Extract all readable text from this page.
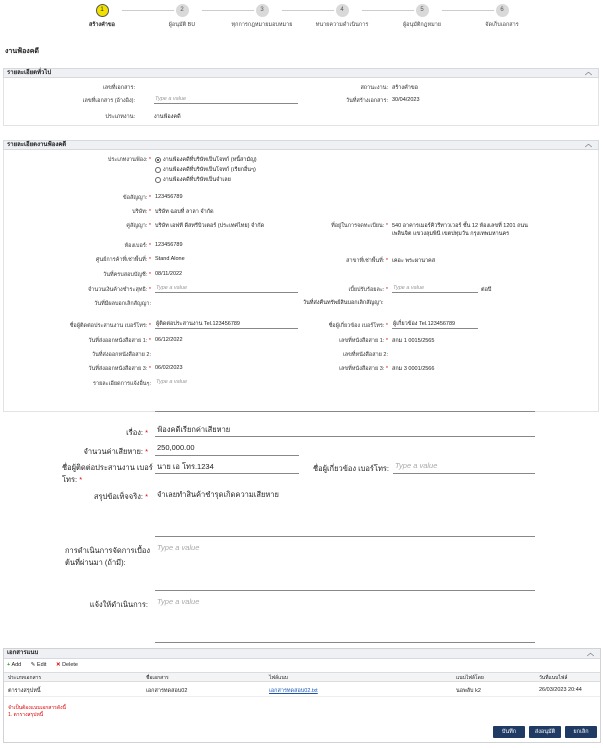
1
สร้างคำขอ
2
ผู้อนุมัติ BU
3
ทุกการกฎหมายมอบหมาย
4
ทนายความดำเนินการ
5
ผู้อนุมัติกฎหมาย
6
จัดเก็บเอกสาร
งานฟ้องคดี
รายละเอียดทั่วไป	︿
เลขที่เอกสาร:	สถานะงาน: สร้างคำขอ
เลขที่เอกสาร (อ้างอิง):	Type a value	วันที่สร้างเอกสาร: 30/04/2023
ประเภทงาน:	งานฟ้องคดี
รายละเอียดงานฟ้องคดี	︿
ประเภทงานฟ้อง: *	งานฟ้องคดีที่บริษัทเป็นโจทก์ (หนี้สามัญ)
งานฟ้องคดีที่บริษัทเป็นโจทก์ (เรียกอื่นๆ)
งานฟ้องคดีที่บริษัทเป็นจำเลย
ข้อสัญญา: * 123456789
บริษัท: * บริษัท ฉอบที่ ลาลา จำกัด
คู่สัญญา: * บริษัท เอฟที ดีสทรีบิวเตอร์ (ประเทศไทย) จำกัด	ที่อยู่ในการจดทะเบียน: * 540 อาคารเมอร์คิวรีทาวเวอร์ ชั้น 12 ห้องเลขที่ 1201 ถนน
เพลินจิต แขวงลุมพินี เขตปทุมวัน กรุงเทพมหานคร
ห้องเบอร์: * 123456789
ศูนย์การค้าที่เช่าพื้นที่: * Stand Alone	สาขาที่เช่าพื้นที่: * เคอะ พระผานาคส
วันที่ครบสอบบัญชี: * 08/11/2022
จำนวนเงินค้างชำระสุทธิ: * Type a value	เบี้ยปรับร้อยละ: * Type a value	ต่อปี
วันที่มีผลบอกเลิกสัญญา:	วันที่ส่งคืนทรัพย์สินบอกเลิกสัญญา:
ชื่อผู้ติดต่อประสานงาน เบอร์โทร: * ผู้ติดต่อประสานงาน Tel.123456789	ชื่อผู้เกี่ยวข้อง เบอร์โทร: * ผู้เกี่ยวข้อง Tel.123456789
วันที่ส่งออกหนังสือสาย 1: * 06/12/2022	เลขที่หนังสือสาย 1: * สกม 1 0015/2565
วันที่ส่งออกหนังสือสาย 2:	เลขที่หนังสือสาย 2:
วันที่ส่งออกหนังสือสาย 3: * 06/02/2023	เลขที่หนังสือสาย 3: * สกม 3 0001/2566
รายละเอียดการแจ้งอื่นๆ: Type a value
เรื่อง: * ฟ้องคดีเรียกค่าเสียหาย
จำนวนค่าเสียหาย: * 250,000.00
ชื่อผู้ติดต่อประสานงาน เบอร์โทร: *
นาย เอ โทร.1234	ชื่อผู้เกี่ยวข้อง เบอร์โทร: Type a value
สรุปข้อเท็จจริง: * จำเลยทำสินค้าชำรุดเกิดความเสียหาย
การดำเนินการจัดการเบื้องต้นที่ผ่านมา (ถ้ามี):
Type a value
แจ้งให้ดำเนินการ: Type a value
เอกสารแนบ	︿
+ Add ✎ Edit ✕ Delete
ประเภทเอกสาร	ชื่อเอกสาร	ไฟล์แนบ	แนบไฟล์โดย	วันที่แนบไฟล์
ตารางสรุปหนี้	เอกสารทดสอบ02	เอกสารทดสอบ02.txt	นอพลับ k2	26/03/2023 20:44
จำเป็นต้องแนบเอกสารดังนี้
1. ตารางสรุปหนี้
บันทึก	ส่งอนุมัติ	ยกเลิก
